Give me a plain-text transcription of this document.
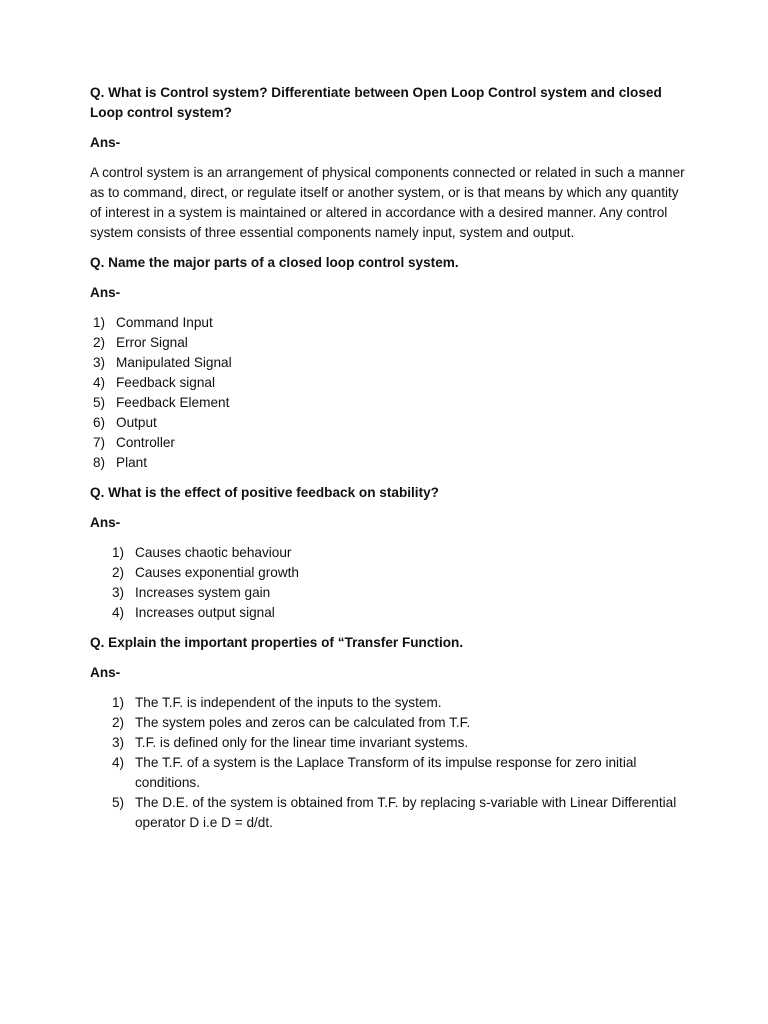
Q. What is Control system? Differentiate between Open Loop Control system and closed Loop control system?

Ans-

A control system is an arrangement of physical components connected or related in such a manner as to command, direct, or regulate itself or another system, or is that means by which any quantity of interest in a system is maintained or altered in accordance with a desired manner. Any control system consists of three essential components namely input, system and output.

Q. Name the major parts of a closed loop control system.

Ans-

1) Command Input
2) Error Signal
3) Manipulated Signal
4) Feedback signal
5) Feedback Element
6) Output
7) Controller
8) Plant

Q. What is the effect of positive feedback on stability?

Ans-

1) Causes chaotic behaviour
2) Causes exponential growth
3) Increases system gain
4) Increases output signal

Q. Explain the important properties of “Transfer Function.

Ans-

1) The T.F. is independent of the inputs to the system.
2) The system poles and zeros can be calculated from T.F.
3) T.F. is defined only for the linear time invariant systems.
4) The T.F. of a system is the Laplace Transform of its impulse response for zero initial conditions.
5) The D.E. of the system is obtained from T.F. by replacing s-variable with Linear Differential operator D i.e D = d/dt.
